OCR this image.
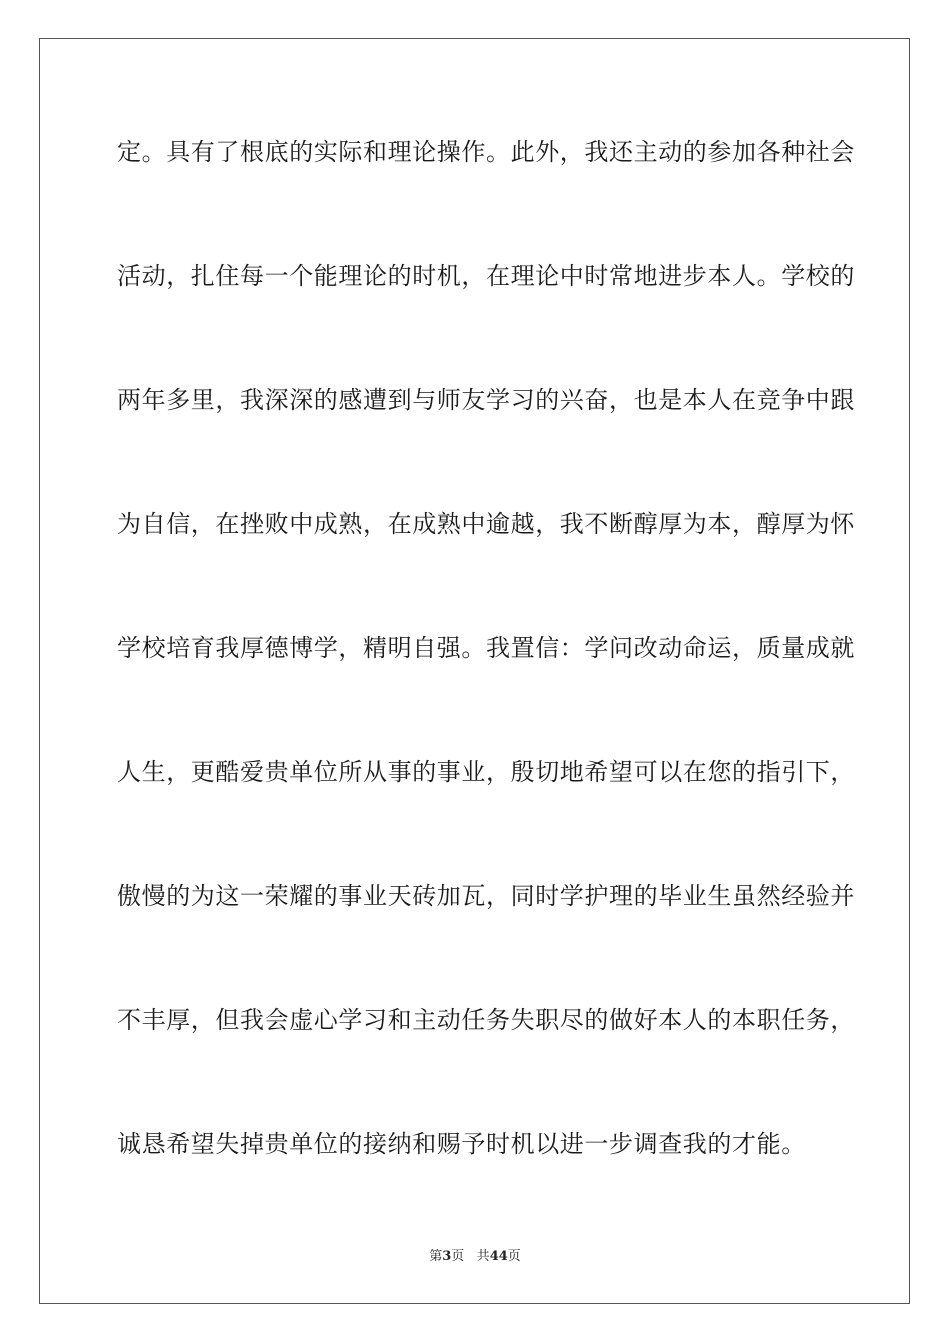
定。具有了根底的实际和理论操作。此外，我还主动的参加各种社会
活动，扎住每一个能理论的时机，在理论中时常地进步本人。学校的
两年多里，我深深的感遭到与师友学习的兴奋，也是本人在竞争中跟
为自信，在挫败中成熟，在成熟中逾越，我不断醇厚为本，醇厚为怀
学校培育我厚德博学，精明自强。我置信：学问改动命运，质量成就
人生，更酷爱贵单位所从事的事业，殷切地希望可以在您的指引下，
傲慢的为这一荣耀的事业天砖加瓦，同时学护理的毕业生虽然经验并
不丰厚，但我会虚心学习和主动任务失职尽的做好本人的本职任务，
诚恳希望失掉贵单位的接纳和赐予时机以进一步调查我的才能。
第3页 共44页
